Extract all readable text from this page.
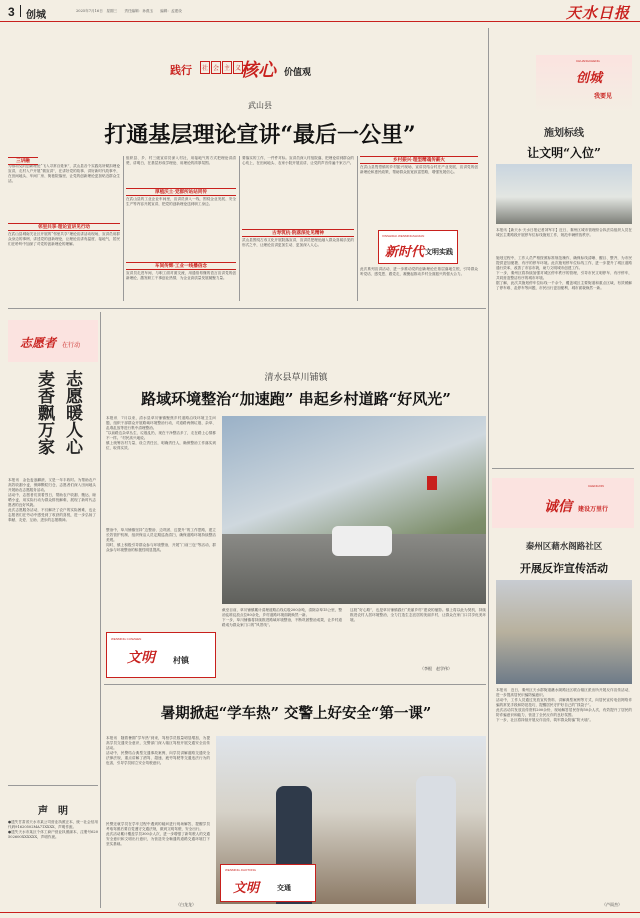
3 创城	2025年7月16日　星期三　　责任编辑：孙燕玉　　编辑：孟建设	天水日报
践行	社 会 主 义
核心 价值观
武山县
打通基层理论宣讲“最后一公里”
为推动党的创新理论“飞入寻常百姓家”，武山县各个实践站所紧扣理论宣讲，走村入户开展“微宣讲”，在讲好党的故事、讲好新时代故事中，在田间地头、车间厂房、街巷院落里，让党的创新理论更加贴近群众生活。
三讲融
邻里共享·理论宣讲见行动
在武山县城南关社区开展的“邻里共享”理论宣讲活动现场，宣讲员用群众身边的事例，讲述党的创新理论，让理论宣讲有温度、接地气，居民们在聆听中加深了对党的创新理论的理解。
组织县、乡、村三级宣讲员深入村社，用接地气的方式把理论讲清楚、讲明白，在基层形成学理论、用理论的浓厚氛围。
厚植沃土·党群所站站同传
在武山县的工业企业车间里，宣讲员深入一线，围绕企业发展、安全生产等内容开展宣讲，把党的创新理论送到职工身边。
车间传辉·工业一线播信念
宣讲员走进车间，与职工面对面交流，用通俗易懂的语言宣讲党的创新理论，激发职工干事创业热情，为企业高质量发展凝聚力量。
要落实的工作，一件件对标。宣讲员深入村组院落，把理论讲到群众的心坎上，在田间地头、农家小院开展宣讲，让党的声音传遍千家万户。
古寿筑杭·院落深处见精神
武山县围绕古寿文化开展院落宣讲，宣讲员把理论融入群众喜闻乐见的形式之中，让理论宣讲更加生动、更加深入人心。
乡村振兴·理型精魂传薪火
在武山县鸳鸯镇的乡村振兴现场，宣讲员结合村庄产业发展，宣讲党的创新理论和惠民政策，帮助群众拓宽致富思路，增强发展信心。
XINSHIDAI·WENMINGSHIJIAN
新时代 文明实践
此次系列宣讲活动，进一步推动党的创新理论在基层落地生根，引导群众听党话、感党恩、跟党走，凝聚起推动乡村全面振兴的强大合力。
CHUANGCHENG
创城
我要见
施划标线
让文明“入位”
本报讯【新天水·天水日报记者刘军宇】近日，秦州区城市管理综合执法局组织人员在城区主要路段开展停车位标线施划工作，规范车辆停放秩序。
施划过程中，工作人员严格按照标准规范操作，确保标线清晰、醒目、整齐，为市民提供更加便捷、有序的停车环境。此次施划停车位标线工作，进一步提升了城区道路通行效率，改善了市容市貌，助力文明城市创建工作。
下一步，秦州区将持续加强对城区停车秩序的管理，引导市民文明停车、有序停车，共同营造整洁有序的城市环境。
据了解，此次共施划停车位标线一千余个，覆盖城区主要街道和重点区域，有效缓解了停车难、乱停车等问题，市民出行更加便利，城市面貌焕然一新。
志愿者 在行动
志愿暖人心
麦香飘万家
本报讯　金色麦浪翻滚，又是一年丰收时。为帮助农户高效收割小麦，保障颗粒归仓，志愿者们深入田间地头开展助农志愿服务活动。
活动中，志愿者们顶着烈日，帮助农户收割、搬运、晾晒小麦，用实际行动为群众排忧解难，展现了新时代志愿者的良好风貌。
此次志愿服务活动，不仅解决了农户的实际困难，也让志愿者们在劳动中感受到了收获的喜悦，进一步弘扬了奉献、友爱、互助、进步的志愿精神。
声　明
●遗失甘肃省天水市某公司营业执照正本，统一社会信用代码91620502MA71XXXX，声明作废。
●遗失天水市某区个体工商户营业执照副本，注册号620502600XXXXXX，声明作废。
清水县草川铺镇
路域环境整治“加速跑” 串起乡村道路“好风光”
本报讯　7月以来，清水县草川铺镇聚焦乡村道路沿线环境卫生问题，组织干部群众开展路域环境整治行动，对道路两侧垃圾、杂草、乱堆乱放等进行集中清理整治。
“以前路边杂草丛生、垃圾乱扔，现在干净整洁多了，走在路上心情都不一样。”村民高兴地说。
镇上统筹各村力量，设立责任区，明确责任人，确保整治工作落实到位、取得实效。
整治中，草川铺镇坚持“边整治、边巩固、边提升”的工作思路，建立长效管护机制，组织保洁人员定期巡查清扫，确保道路环境持续整洁美观。
同时，镇上积极引导群众参与环境整治，开展“门前三包”等活动，群众参与环境整治的积极性明显提高。
截至目前，草川铺镇累计清理道路沿线垃圾200余吨，清除杂草15公里，整治乱堆乱放点位80余处，乡村道路环境面貌焕然一新。
下一步，草川铺镇将持续推进路域环境整治，不断巩固整治成果，让乡村道路成为群众家门口的“风景线”。
这段“好心路”，也是草川铺镇践行“美丽乡村”建设的缩影。镇上将以此为契机，持续推进农村人居环境整治，全力打造生态宜居的美丽乡村，让群众在家门口共享优美环境。
（李根　赵学伟）
WENMING CUNZHEN
文明 村镇
CHENGXIN
诚信 建设万里行
秦州区藉水阁路社区
开展反诈宣传活动
本报讯　近日，秦州区天水郡街道藉水阁路社区联合辖区派出所开展反诈宣传活动，进一步提高居民识骗防骗意识。
活动中，工作人员通过发放宣传资料、讲解典型案例等方式，向居民宣传电信网络诈骗的常见手段和防范技巧，提醒居民守护好自己的“钱袋子”。
此次活动共发放宣传资料200余份，现场解答居民咨询50余人次，有效提升了居民的防诈骗意识和能力，营造了全民反诈的良好氛围。
下一步，社区将持续开展反诈宣传，筑牢群众防骗“防火墙”。
（卢雨杰）
暑期掀起“学车热” 交警上好安全“第一课”
本报讯　随着暑期“学车热”到来，驾校学员数量明显增加，为提高学员交通安全意识，交警部门深入辖区驾校开展交通安全宣传活动。
活动中，民警结合典型交通事故案例，向学员讲解道路交通安全法律法规，重点讲解了酒驾、超速、疲劳驾驶等交通违法行为的危害，引导学员树立安全驾驶意识。
民警还就学员在学车过程中遇到的疑问进行现场解答，提醒学员考取驾照后要自觉遵守交通法规，做到文明驾驶、安全出行。
此次活动累计覆盖学员300余人次，进一步增强了新驾驶人的交通安全意识和文明出行意识，为营造安全畅通的道路交通环境打下坚实基础。
（白龙龙）
WENMING JIAOTONG
文明	交通
